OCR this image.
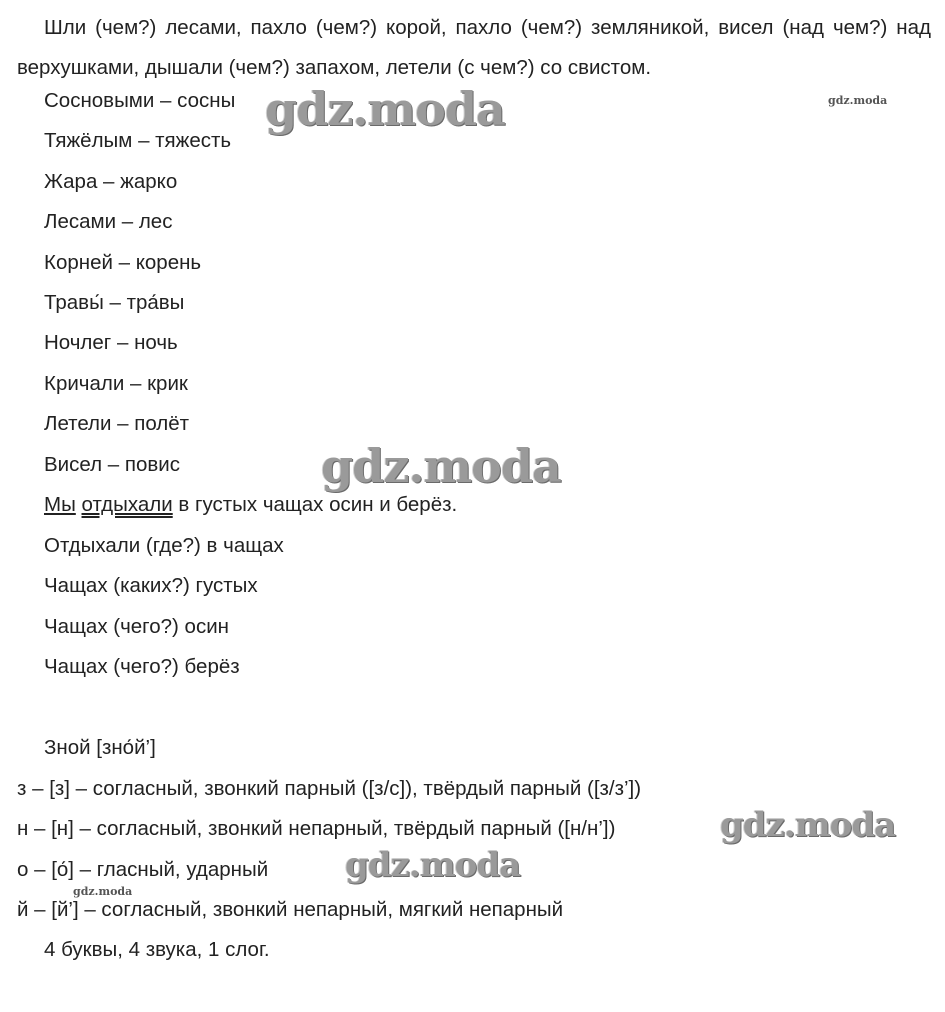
Шли (чем?) лесами, пахло (чем?) корой, пахло (чем?) земляникой, висел (над чем?) над верхушками, дышали (чем?) запахом, летели (с чем?) со свистом.
Сосновыми – сосны
Тяжёлым – тяжесть
Жара – жарко
Лесами – лес
Корней – корень
Травы́ – тра́вы
Ночлег – ночь
Кричали – крик
Летели – полёт
Висел – повис
Мы отдыхали в густых чащах осин и берёз.
Отдыхали (где?) в чащах
Чащах (каких?) густых
Чащах (чего?) осин
Чащах (чего?) берёз
Зной [зно́й’]
з – [з] – согласный, звонкий парный ([з/с]), твёрдый парный ([з/з’])
н – [н] – согласный, звонкий непарный, твёрдый парный ([н/н’])
о – [о́] – гласный, ударный
й – [й’] – согласный, звонкий непарный, мягкий непарный
4 буквы, 4 звука, 1 слог.
gdz.moda	gdz.moda
gdz.moda
gdz.moda
gdz.moda
gdz.moda
